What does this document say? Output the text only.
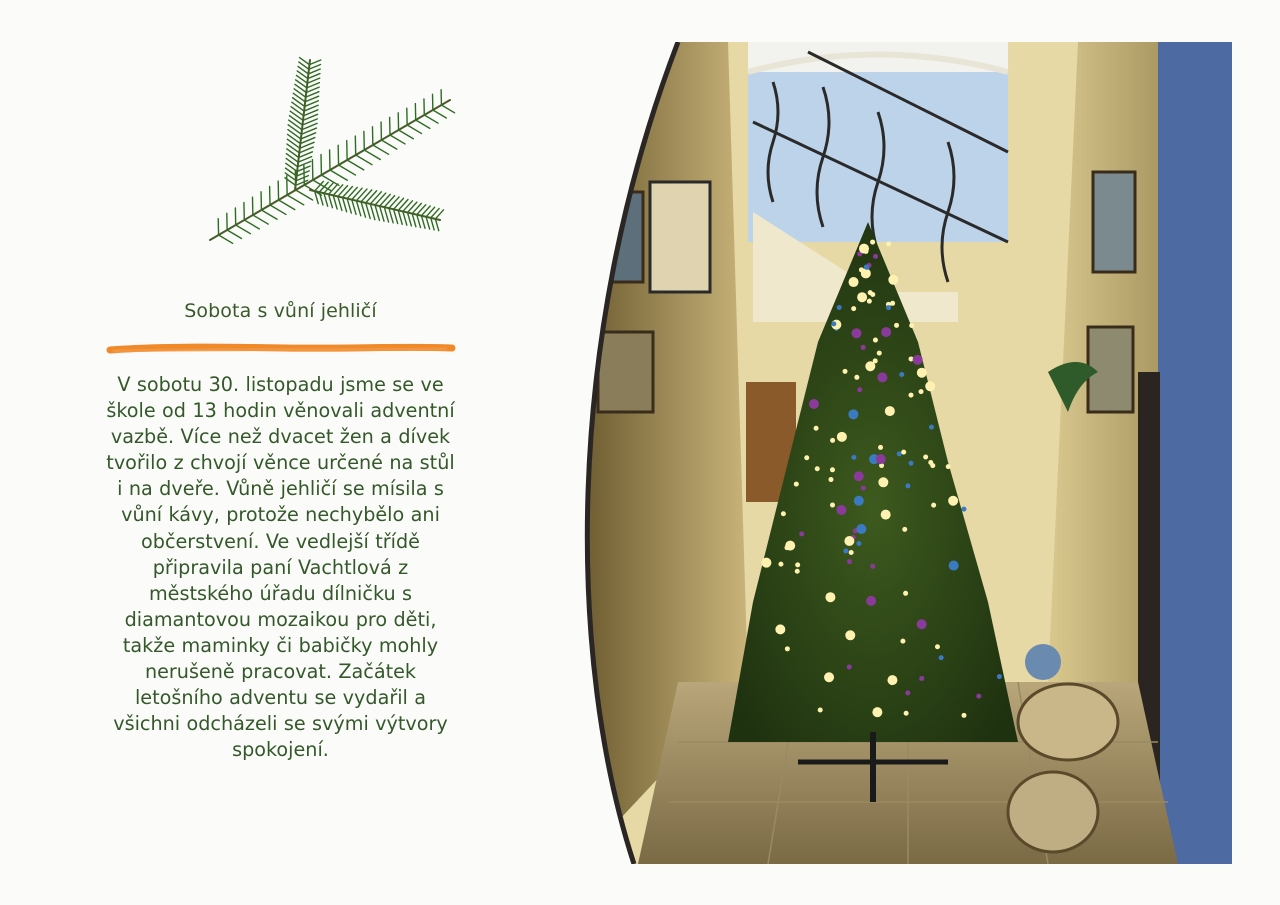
Sobota s vůní jehličí
V sobotu 30. listopadu jsme se ve škole od 13 hodin věnovali adventní vazbě. Více než dvacet žen a dívek tvořilo z chvojí věnce určené na stůl i na dveře. Vůně jehličí se mísila s vůní kávy, protože nechybělo ani občerstvení. Ve vedlejší třídě připravila paní Vachtlová z městského úřadu dílničku s diamantovou mozaikou pro děti, takže maminky či babičky mohly nerušeně pracovat. Začátek letošního adventu se vydařil a všichni odcházeli se svými výtvory spokojení.
